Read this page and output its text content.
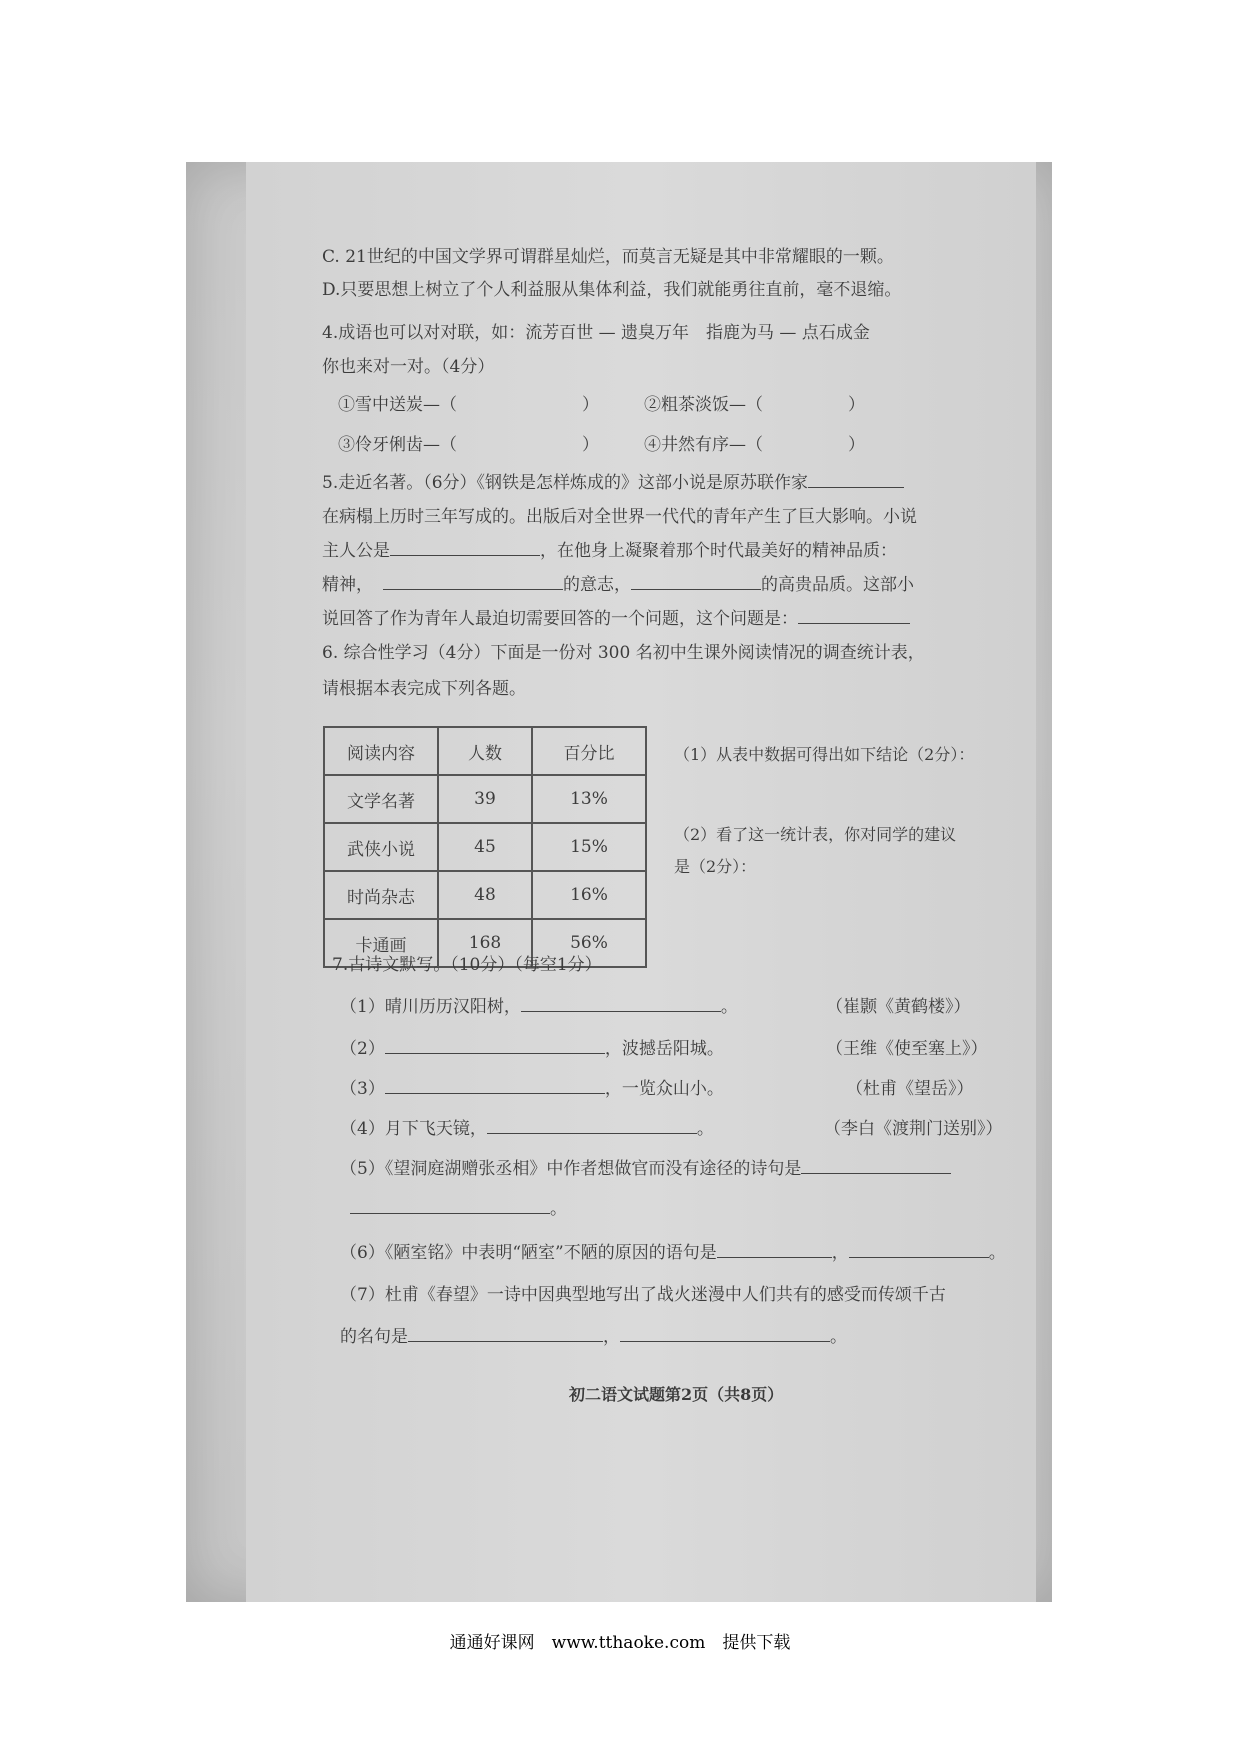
C. 21世纪的中国文学界可谓群星灿烂，而莫言无疑是其中非常耀眼的一颗。
D.只要思想上树立了个人利益服从集体利益，我们就能勇往直前，毫不退缩。
4.成语也可以对对联，如：流芳百世 — 遗臭万年　指鹿为马 — 点石成金
你也来对一对。（4分）
①雪中送炭—（	）	②粗茶淡饭—（	）
③伶牙俐齿—（	）	④井然有序—（	）
5.走近名著。（6分）《钢铁是怎样炼成的》这部小说是原苏联作家
在病榻上历时三年写成的。出版后对全世界一代代的青年产生了巨大影响。小说
主人公是	，在他身上凝聚着那个时代最美好的精神品质：
精神，	的意志，	的高贵品质。这部小
说回答了作为青年人最迫切需要回答的一个问题，这个问题是：
6. 综合性学习（4分）下面是一份对 300 名初中生课外阅读情况的调查统计表，
请根据本表完成下列各题。
阅读内容	人数	百分比
文学名著	39	13%
武侠小说	45	15%
时尚杂志	48	16%
卡通画	168	56%
（1）从表中数据可得出如下结论（2分）：
（2）看了这一统计表，你对同学的建议
是（2分）：
7.古诗文默写。（10分）（每空1分）
（1）晴川历历汉阳树，	。	（崔颢《黄鹤楼》）
（2）	，波撼岳阳城。	（王维《使至塞上》）
（3）	，一览众山小。	（杜甫《望岳》）
（4）月下飞天镜，	。	（李白《渡荆门送别》）
（5）《望洞庭湖赠张丞相》中作者想做官而没有途径的诗句是
。
（6）《陋室铭》中表明“陋室”不陋的原因的语句是	，	。
（7）杜甫《春望》一诗中因典型地写出了战火迷漫中人们共有的感受而传颂千古
的名句是	，	。
初二语文试题第2页（共8页）
通通好课网　www.tthaoke.com　提供下载
